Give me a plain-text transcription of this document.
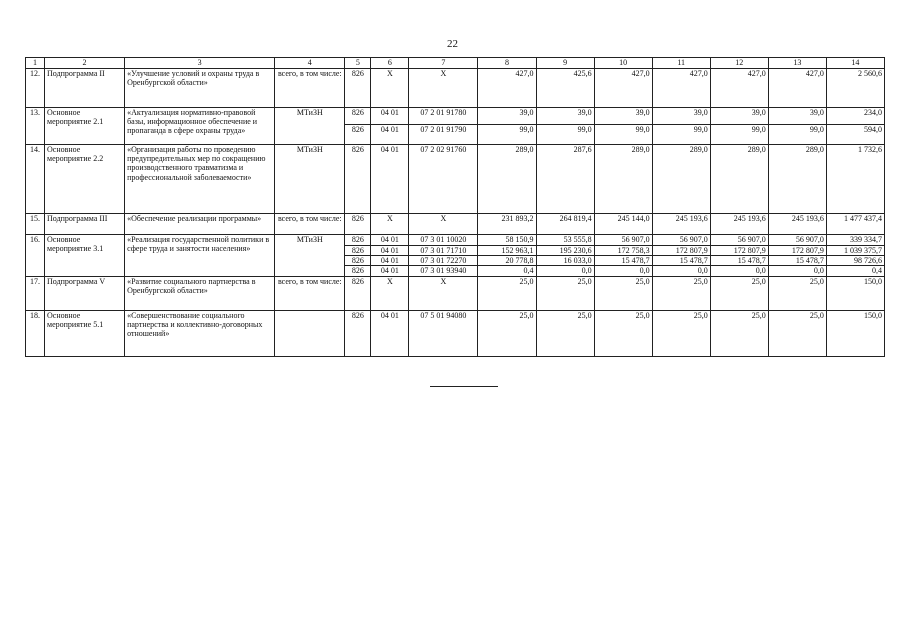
22
1	2	3	4	5	6	7	8	9	10	11	12	13	14
12.	Подпрограмма II	«Улучшение условий и охраны труда в Оренбургской области»	всего, в том числе:	826	Х	Х	427,0	425,6	427,0	427,0	427,0	427,0	2 560,6
13.	Основное мероприятие 2.1	«Актуализация нормативно-правовой базы, информационное обеспечение и пропаганда в сфере охраны труда»	МТиЗН	826	04 01	07 2 01 91780	39,0	39,0	39,0	39,0	39,0	39,0	234,0
				826	04 01	07 2 01 91790	99,0	99,0	99,0	99,0	99,0	99,0	594,0
14.	Основное мероприятие 2.2	«Организация работы по проведению предупредительных мер по сокращению производственного травматизма и профессиональной заболеваемости»	МТиЗН	826	04 01	07 2 02 91760	289,0	287,6	289,0	289,0	289,0	289,0	1 732,6
15.	Подпрограмма III	«Обеспечение реализации программы»	всего, в том числе:	826	Х	Х	231 893,2	264 819,4	245 144,0	245 193,6	245 193,6	245 193,6	1 477 437,4
16.	Основное мероприятие 3.1	«Реализация государственной политики в сфере труда и занятости населения»	МТиЗН	826	04 01	07 3 01 10020	58 150,9	53 555,8	56 907,0	56 907,0	56 907,0	56 907,0	339 334,7
				826	04 01	07 3 01 71710	152 963,1	195 230,6	172 758,3	172 807,9	172 807,9	172 807,9	1 039 375,7
				826	04 01	07 3 01 72270	20 778,8	16 033,0	15 478,7	15 478,7	15 478,7	15 478,7	98 726,6
				826	04 01	07 3 01 93940	0,4	0,0	0,0	0,0	0,0	0,0	0,4
17.	Подпрограмма V	«Развитие социального партнерства в Оренбургской области»	всего, в том числе:	826	Х	Х	25,0	25,0	25,0	25,0	25,0	25,0	150,0
18.	Основное мероприятие 5.1	«Совершенствование социального партнерства и коллективно-договорных отношений»		826	04 01	07 5 01 94080	25,0	25,0	25,0	25,0	25,0	25,0	150,0
